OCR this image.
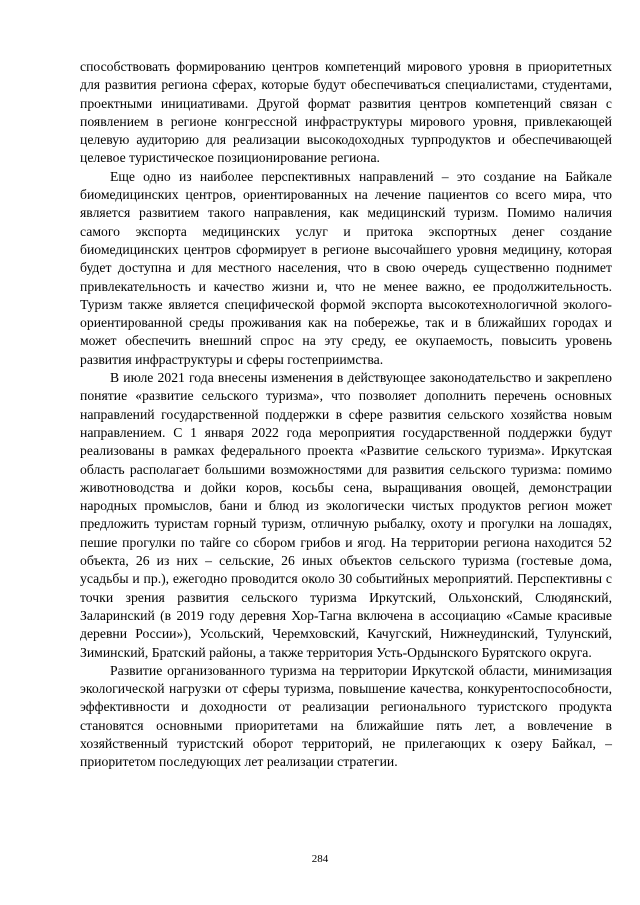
способствовать формированию центров компетенций мирового уровня в приоритетных для развития региона сферах, которые будут обеспечиваться специалистами, студентами, проектными инициативами. Другой формат развития центров компетенций связан с появлением в регионе конгрессной инфраструктуры мирового уровня, привлекающей целевую аудиторию для реализации высокодоходных турпродуктов и обеспечивающей целевое туристическое позиционирование региона.

Еще одно из наиболее перспективных направлений – это создание на Байкале биомедицинских центров, ориентированных на лечение пациентов со всего мира, что является развитием такого направления, как медицинский туризм. Помимо наличия самого экспорта медицинских услуг и притока экспортных денег создание биомедицинских центров сформирует в регионе высочайшего уровня медицину, которая будет доступна и для местного населения, что в свою очередь существенно поднимет привлекательность и качество жизни и, что не менее важно, ее продолжительность. Туризм также является специфической формой экспорта высокотехнологичной эколого-ориентированной среды проживания как на побережье, так и в ближайших городах и может обеспечить внешний спрос на эту среду, ее окупаемость, повысить уровень развития инфраструктуры и сферы гостеприимства.

В июле 2021 года внесены изменения в действующее законодательство и закреплено понятие «развитие сельского туризма», что позволяет дополнить перечень основных направлений государственной поддержки в сфере развития сельского хозяйства новым направлением. С 1 января 2022 года мероприятия государственной поддержки будут реализованы в рамках федерального проекта «Развитие сельского туризма». Иркутская область располагает большими возможностями для развития сельского туризма: помимо животноводства и дойки коров, косьбы сена, выращивания овощей, демонстрации народных промыслов, бани и блюд из экологически чистых продуктов регион может предложить туристам горный туризм, отличную рыбалку, охоту и прогулки на лошадях, пешие прогулки по тайге со сбором грибов и ягод. На территории региона находится 52 объекта, 26 из них – сельские, 26 иных объектов сельского туризма (гостевые дома, усадьбы и пр.), ежегодно проводится около 30 событийных мероприятий. Перспективны с точки зрения развития сельского туризма Иркутский, Ольхонский, Слюдянский, Заларинский (в 2019 году деревня Хор-Тагна включена в ассоциацию «Самые красивые деревни России»), Усольский, Черемховский, Качугский, Нижнеудинский, Тулунский, Зиминский, Братский районы, а также территория Усть-Ордынского Бурятского округа.

Развитие организованного туризма на территории Иркутской области, минимизация экологической нагрузки от сферы туризма, повышение качества, конкурентоспособности, эффективности и доходности от реализации регионального туристского продукта становятся основными приоритетами на ближайшие пять лет, а вовлечение в хозяйственный туристский оборот территорий, не прилегающих к озеру Байкал, – приоритетом последующих лет реализации стратегии.

284
